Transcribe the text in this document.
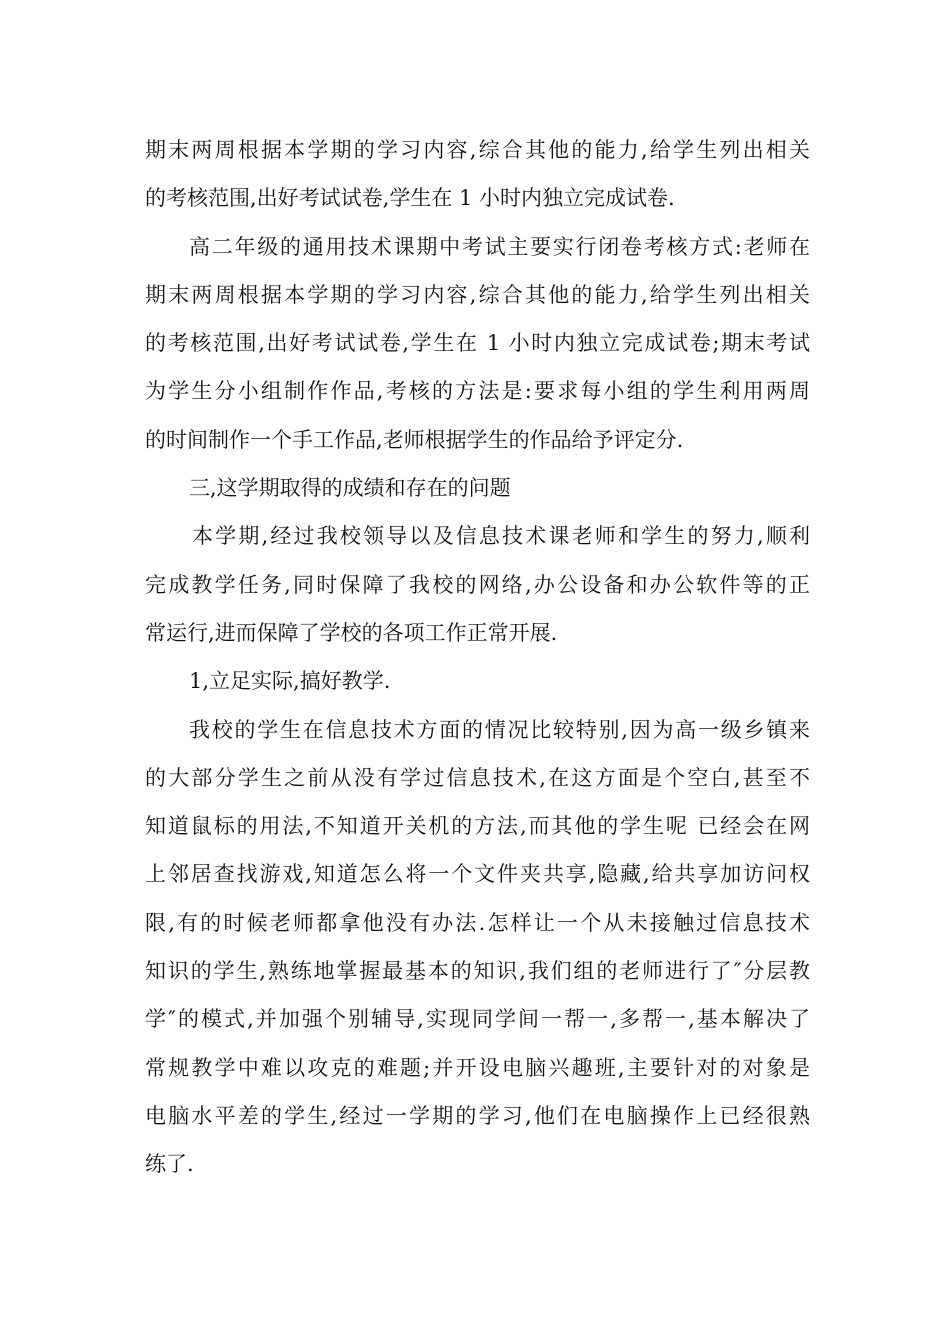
期末两周根据本学期的学习内容,综合其他的能力,给学生列出相关
的考核范围,出好考试试卷,学生在 1 小时内独立完成试卷.
高二年级的通用技术课期中考试主要实行闭卷考核方式:老师在
期末两周根据本学期的学习内容,综合其他的能力,给学生列出相关
的考核范围,出好考试试卷,学生在 1 小时内独立完成试卷;期末考试
为学生分小组制作作品,考核的方法是:要求每小组的学生利用两周
的时间制作一个手工作品,老师根据学生的作品给予评定分.
三,这学期取得的成绩和存在的问题
本学期,经过我校领导以及信息技术课老师和学生的努力,顺利
完成教学任务,同时保障了我校的网络,办公设备和办公软件等的正
常运行,进而保障了学校的各项工作正常开展.
1,立足实际,搞好教学.
我校的学生在信息技术方面的情况比较特别,因为高一级乡镇来
的大部分学生之前从没有学过信息技术,在这方面是个空白,甚至不
知道鼠标的用法,不知道开关机的方法,而其他的学生呢 已经会在网
上邻居查找游戏,知道怎么将一个文件夹共享,隐藏,给共享加访问权
限,有的时候老师都拿他没有办法.怎样让一个从未接触过信息技术
知识的学生,熟练地掌握最基本的知识,我们组的老师进行了″分层教
学″的模式,并加强个别辅导,实现同学间一帮一,多帮一,基本解决了
常规教学中难以攻克的难题;并开设电脑兴趣班,主要针对的对象是
电脑水平差的学生,经过一学期的学习,他们在电脑操作上已经很熟
练了.
